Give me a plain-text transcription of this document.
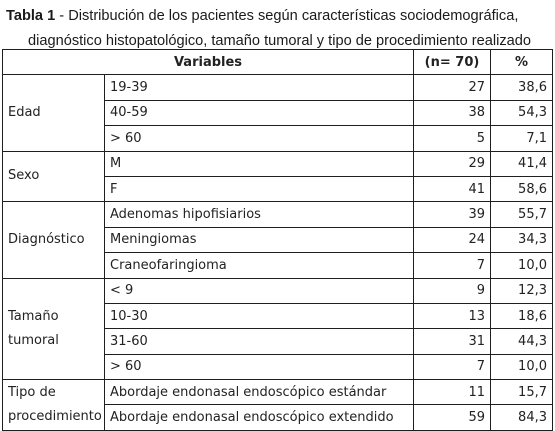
Tabla 1 - Distribución de los pacientes según características sociodemográfica,
diagnóstico histopatológico, tamaño tumoral y tipo de procedimiento realizado
Variables		(n= 70)	%
Edad	19-39	27	38,6
	40-59	38	54,3
	> 60	5	7,1
Sexo	M	29	41,4
	F	41	58,6
Diagnóstico	Adenomas hipofisiarios	39	55,7
	Meningiomas	24	34,3
	Craneofaringioma	7	10,0
Tamaño tumoral	< 9	9	12,3
	10-30	13	18,6
	31-60	31	44,3
	> 60	7	10,0
Tipo de procedimiento	Abordaje endonasal endoscópico estándar	11	15,7
	Abordaje endonasal endoscópico extendido	59	84,3
